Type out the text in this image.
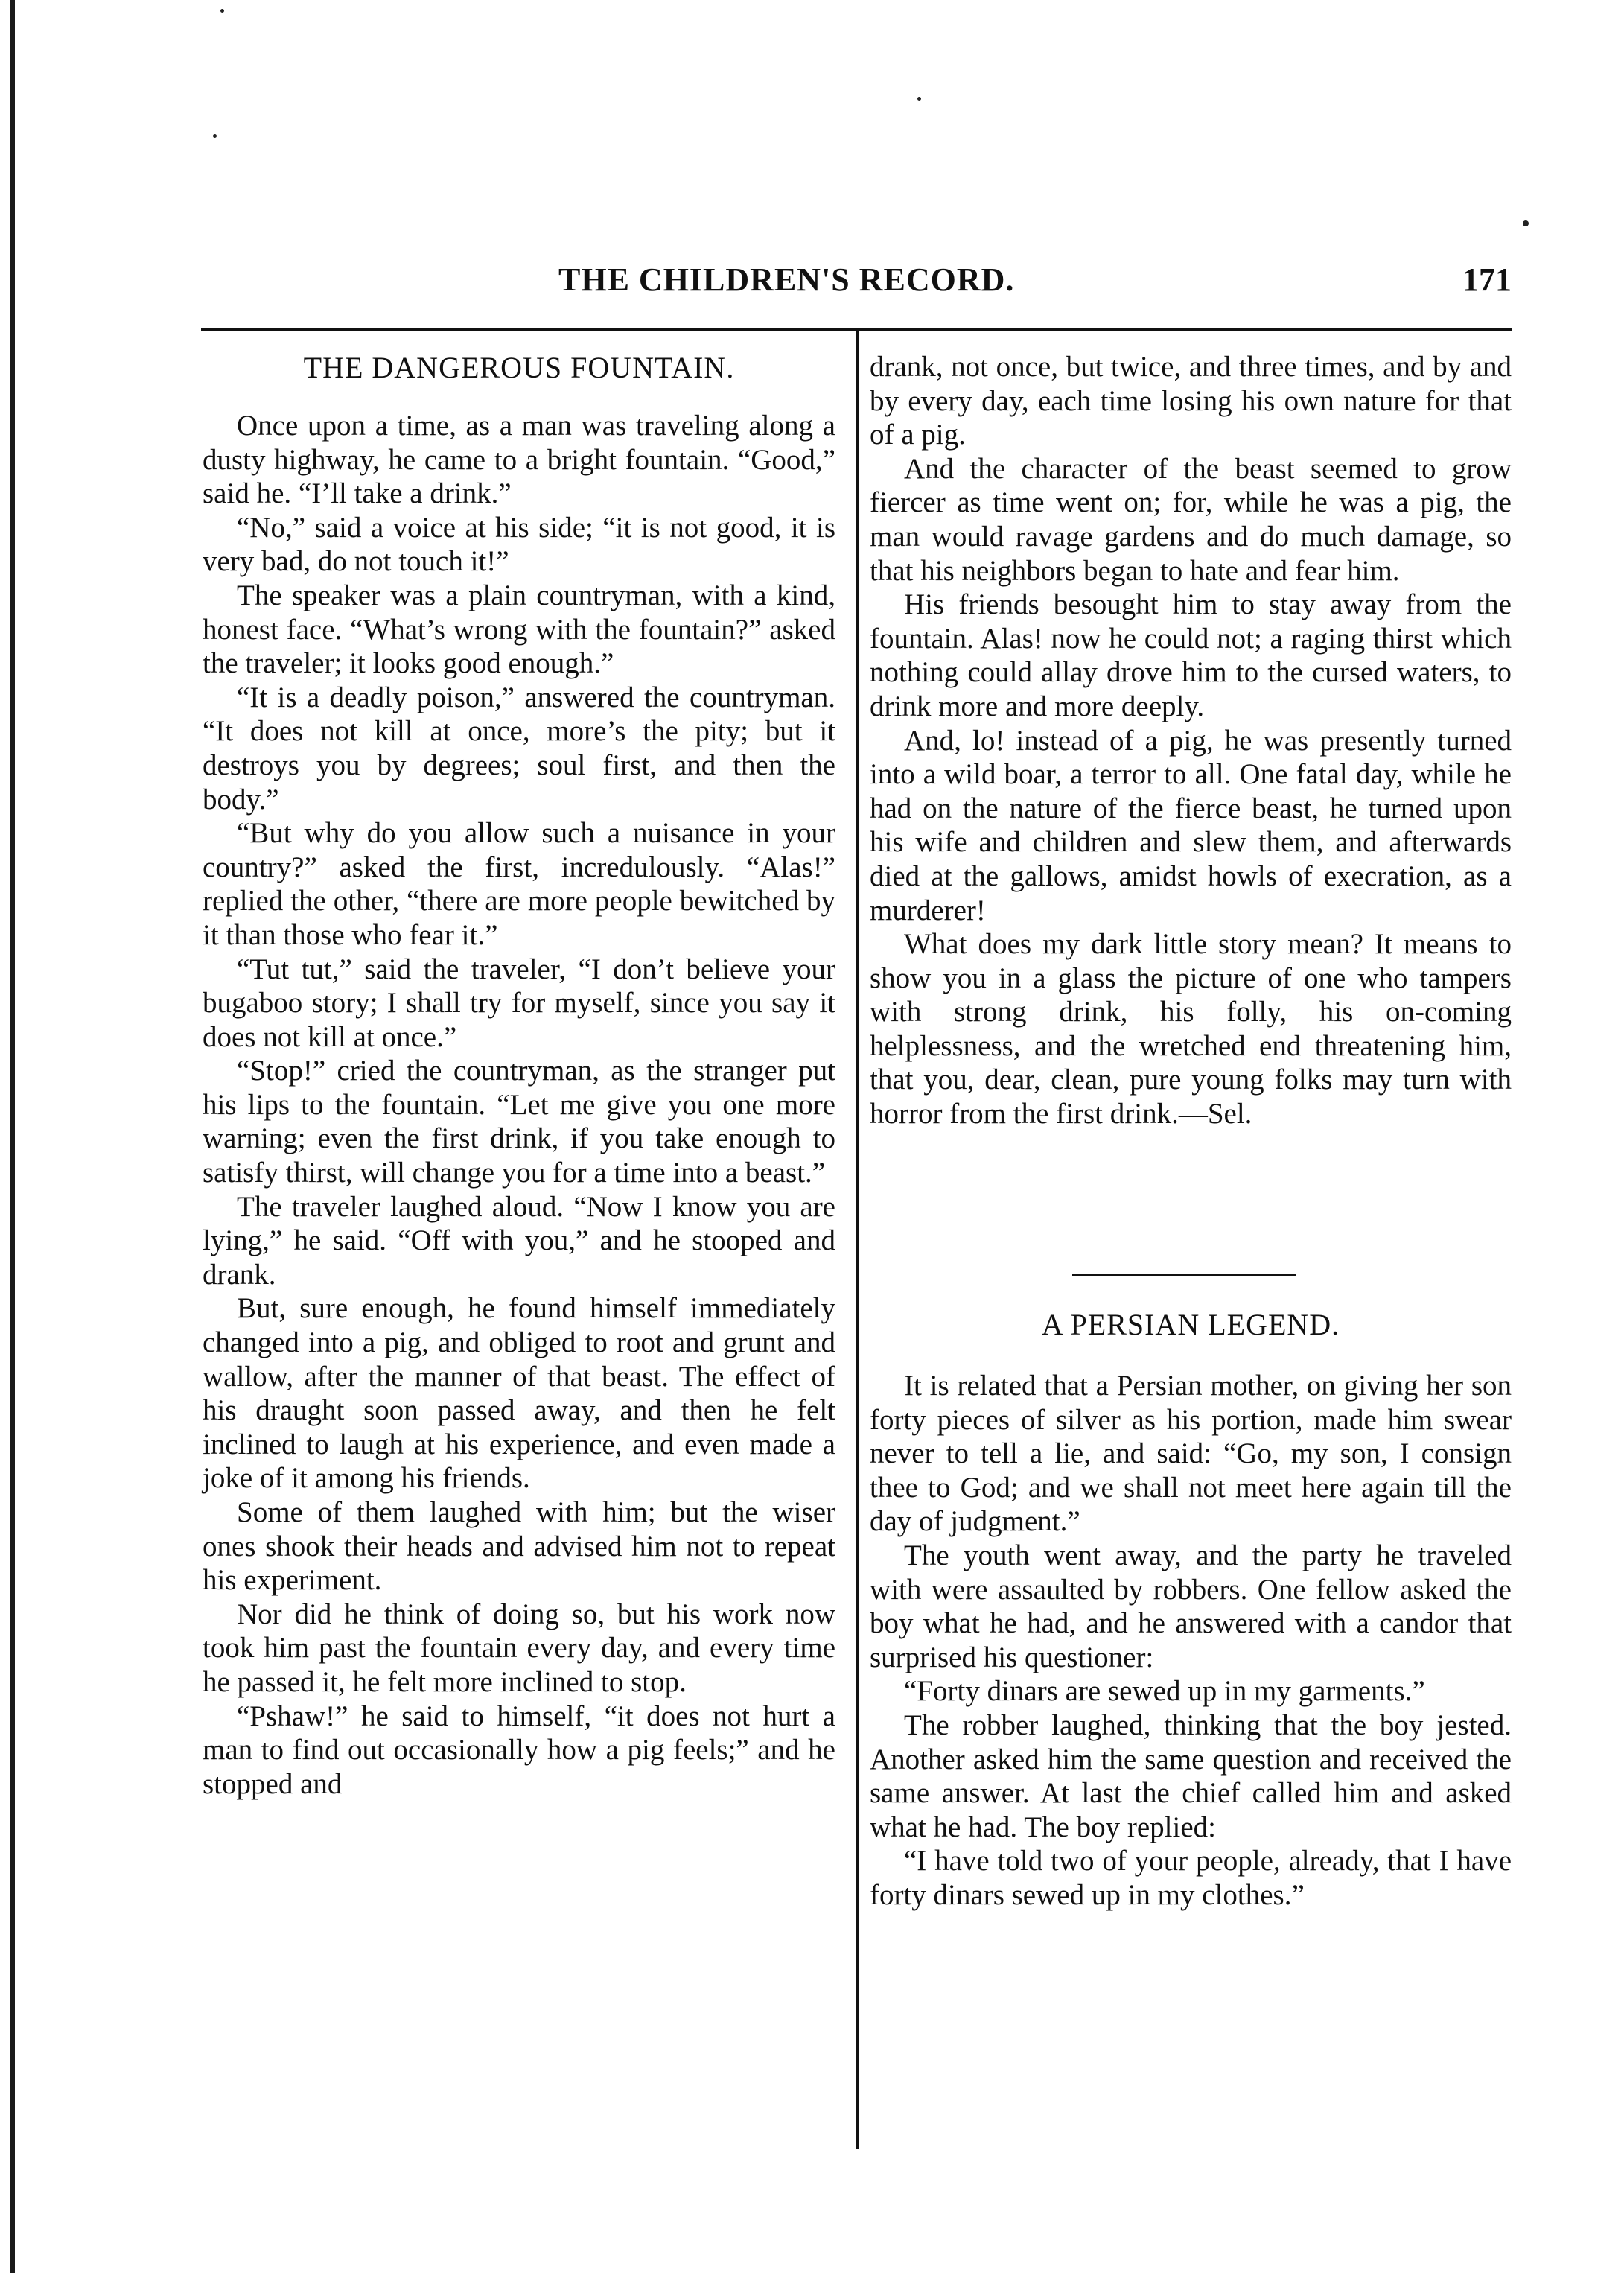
THE CHILDREN'S RECORD.	171
THE DANGEROUS FOUNTAIN.

Once upon a time, as a man was traveling along a dusty highway, he came to a bright fountain. “Good,” said he. “I’ll take a drink.”

“No,” said a voice at his side; “it is not good, it is very bad, do not touch it!”

The speaker was a plain countryman, with a kind, honest face. “What’s wrong with the fountain?” asked the traveler; it looks good enough.”

“It is a deadly poison,” answered the countryman. “It does not kill at once, more’s the pity; but it destroys you by degrees; soul first, and then the body.”

“But why do you allow such a nuisance in your country?” asked the first, incredulously. “Alas!” replied the other, “there are more people bewitched by it than those who fear it.”

“Tut tut,” said the traveler, “I don’t believe your bugaboo story; I shall try for myself, since you say it does not kill at once.”

“Stop!” cried the countryman, as the stranger put his lips to the fountain. “Let me give you one more warning; even the first drink, if you take enough to satisfy thirst, will change you for a time into a beast.”

The traveler laughed aloud. “Now I know you are lying,” he said. “Off with you,” and he stooped and drank.

But, sure enough, he found himself immediately changed into a pig, and obliged to root and grunt and wallow, after the manner of that beast. The effect of his draught soon passed away, and then he felt inclined to laugh at his experience, and even made a joke of it among his friends.

Some of them laughed with him; but the wiser ones shook their heads and advised him not to repeat his experiment.

Nor did he think of doing so, but his work now took him past the fountain every day, and every time he passed it, he felt more inclined to stop.

“Pshaw!” he said to himself, “it does not hurt a man to find out occasionally how a pig feels;” and he stopped and

drank, not once, but twice, and three times, and by and by every day, each time losing his own nature for that of a pig.

And the character of the beast seemed to grow fiercer as time went on; for, while he was a pig, the man would ravage gardens and do much damage, so that his neighbors began to hate and fear him.

His friends besought him to stay away from the fountain. Alas! now he could not; a raging thirst which nothing could allay drove him to the cursed waters, to drink more and more deeply.

And, lo! instead of a pig, he was presently turned into a wild boar, a terror to all. One fatal day, while he had on the nature of the fierce beast, he turned upon his wife and children and slew them, and afterwards died at the gallows, amidst howls of execration, as a murderer!

What does my dark little story mean? It means to show you in a glass the picture of one who tampers with strong drink, his folly, his on-coming helplessness, and the wretched end threatening him, that you, dear, clean, pure young folks may turn with horror from the first drink.—Sel.

A PERSIAN LEGEND.

It is related that a Persian mother, on giving her son forty pieces of silver as his portion, made him swear never to tell a lie, and said: “Go, my son, I consign thee to God; and we shall not meet here again till the day of judgment.”

The youth went away, and the party he traveled with were assaulted by robbers. One fellow asked the boy what he had, and he answered with a candor that surprised his questioner:

“Forty dinars are sewed up in my garments.”

The robber laughed, thinking that the boy jested. Another asked him the same question and received the same answer. At last the chief called him and asked what he had. The boy replied:

“I have told two of your people, already, that I have forty dinars sewed up in my clothes.”
